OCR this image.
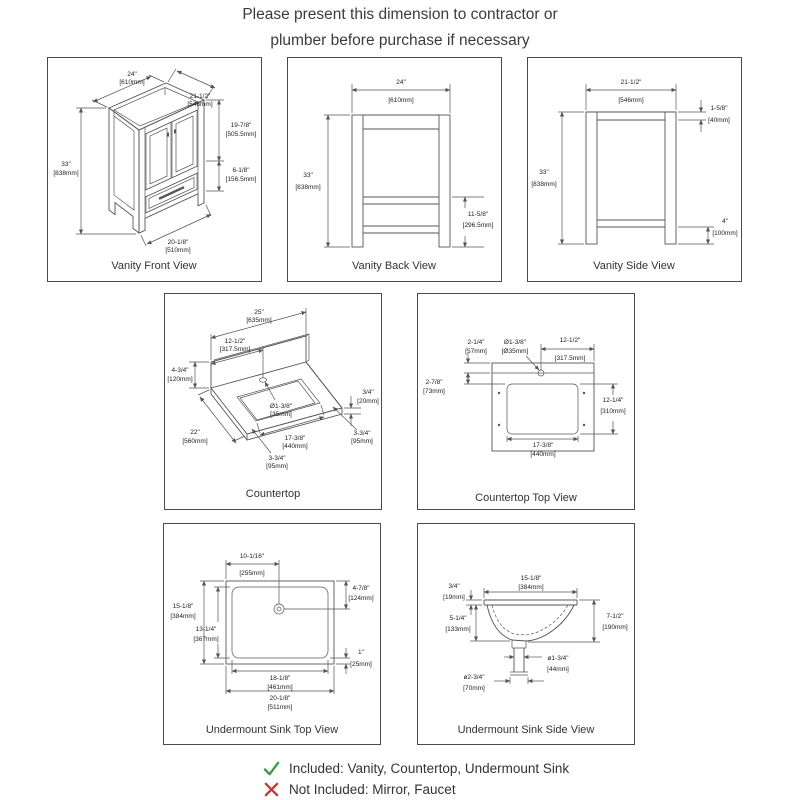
Please present this dimension to contractor or
plumber before purchase if necessary
24"
[610mm]
21-1/2"
[546mm]
33"
[838mm]
19-7/8"
[505.5mm]
6-1/8"
[156.5mm]
20-1/8"
[510mm]
Vanity Front View
24"
[610mm]
33"
[838mm]
11-5/8"
[296.5mm]
Vanity Back View
21-1/2"
[546mm]
33"
[838mm]
1-5/8"
[40mm]
4"
[100mm]
Vanity Side View
25"
[635mm]
12-1/2"
[317.5mm]
4-3/4"
[120mm]
Ø1-3/8"
[35mm]
3/4"
[20mm]
22"
[560mm]	17-3/8"
[440mm]
3-3/4"
[95mm]
3-3/4"
[95mm]
Countertop
2-1/4"
[57mm]
Ø1-3/8"
[Ø35mm]
12-1/2"
[317.5mm]
2-7/8"
[73mm]
12-1/4"
[310mm]
17-3/8"
[440mm]
Countertop Top View
10-1/16"
[255mm]
4-7/8"
[124mm]
15-1/8"
[384mm]
13-1/4"
[367mm]
1"
[25mm]
18-1/8"
[461mm]
20-1/8"
[511mm]
Undermount Sink Top View
15-1/8"
[384mm]
3/4"
[19mm]
5-1/4"
[133mm]
7-1/2"
[190mm]
ø1-3/4"
[44mm]
ø2-3/4"
[70mm]
Undermount Sink Side View
Included: Vanity, Countertop, Undermount Sink
Not Included: Mirror, Faucet
